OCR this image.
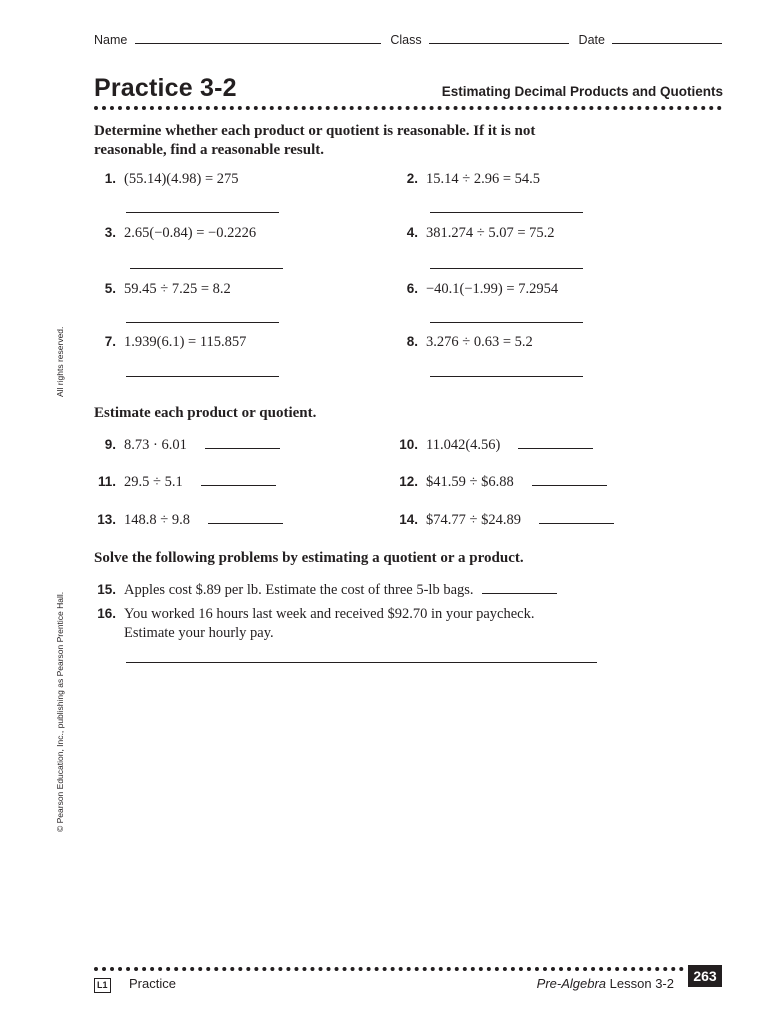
Name	Class	Date
Practice 3-2	Estimating Decimal Products and Quotients
All rights reserved.
© Pearson Education, Inc., publishing as Pearson Prentice Hall.
Determine whether each product or quotient is reasonable. If it is not
reasonable, find a reasonable result.
1. (55.14)(4.98) = 275	2. 15.14 ÷ 2.96 = 54.5
3. 2.65(−0.84) = −0.2226	4. 381.274 ÷ 5.07 = 75.2
5. 59.45 ÷ 7.25 = 8.2	6. −40.1(−1.99) = 7.2954
7. 1.939(6.1) = 115.857	8. 3.276 ÷ 0.63 = 5.2
Estimate each product or quotient.
9. 8.73 · 6.01	10. 11.042(4.56)
11. 29.5 ÷ 5.1	12. $41.59 ÷ $6.88
13. 148.8 ÷ 9.8	14. $74.77 ÷ $24.89
Solve the following problems by estimating a quotient or a product.
15. Apples cost $.89 per lb. Estimate the cost of three 5-lb bags.
16. You worked 16 hours last week and received $92.70 in your paycheck.
Estimate your hourly pay.
263
L1 Practice	Pre-Algebra Lesson 3-2
